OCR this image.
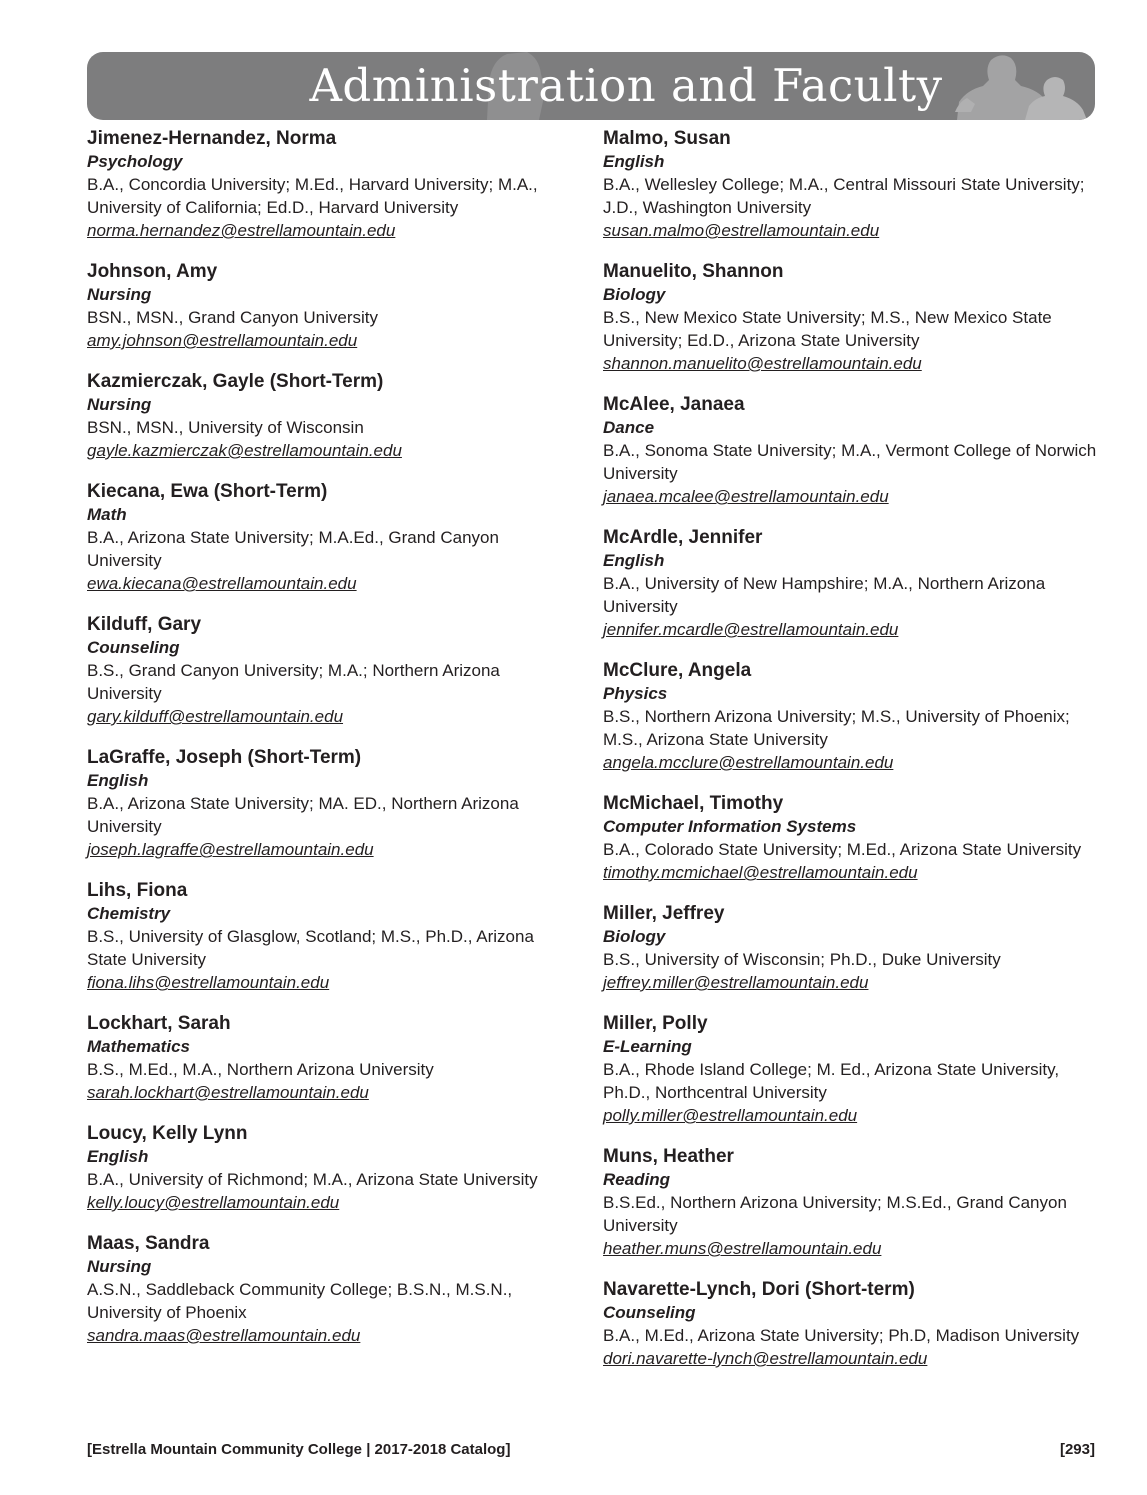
Administration and Faculty
Jimenez-Hernandez, Norma
Psychology
B.A., Concordia University; M.Ed., Harvard University; M.A., University of California; Ed.D., Harvard University
norma.hernandez@estrellamountain.edu
Johnson, Amy
Nursing
BSN., MSN., Grand Canyon University
amy.johnson@estrellamountain.edu
Kazmierczak, Gayle (Short-Term)
Nursing
BSN., MSN., University of Wisconsin
gayle.kazmierczak@estrellamountain.edu
Kiecana, Ewa (Short-Term)
Math
B.A., Arizona State University; M.A.Ed., Grand Canyon University
ewa.kiecana@estrellamountain.edu
Kilduff, Gary
Counseling
B.S., Grand Canyon University; M.A.; Northern Arizona University
gary.kilduff@estrellamountain.edu
LaGraffe, Joseph (Short-Term)
English
B.A., Arizona State University; MA. ED., Northern Arizona University
joseph.lagraffe@estrellamountain.edu
Lihs, Fiona
Chemistry
B.S., University of Glasglow, Scotland; M.S., Ph.D., Arizona State University
fiona.lihs@estrellamountain.edu
Lockhart, Sarah
Mathematics
B.S., M.Ed., M.A., Northern Arizona University
sarah.lockhart@estrellamountain.edu
Loucy, Kelly Lynn
English
B.A., University of Richmond; M.A., Arizona State University
kelly.loucy@estrellamountain.edu
Maas, Sandra
Nursing
A.S.N., Saddleback Community College; B.S.N., M.S.N., University of Phoenix
sandra.maas@estrellamountain.edu
Malmo, Susan
English
B.A., Wellesley College; M.A., Central Missouri State University; J.D., Washington University
susan.malmo@estrellamountain.edu
Manuelito, Shannon
Biology
B.S., New Mexico State University; M.S., New Mexico State University; Ed.D., Arizona State University
shannon.manuelito@estrellamountain.edu
McAlee, Janaea
Dance
B.A., Sonoma State University; M.A., Vermont College of Norwich University
janaea.mcalee@estrellamountain.edu
McArdle, Jennifer
English
B.A., University of New Hampshire; M.A., Northern Arizona University
jennifer.mcardle@estrellamountain.edu
McClure, Angela
Physics
B.S., Northern Arizona University; M.S., University of Phoenix; M.S., Arizona State University
angela.mcclure@estrellamountain.edu
McMichael, Timothy
Computer Information Systems
B.A., Colorado State University; M.Ed., Arizona State University
timothy.mcmichael@estrellamountain.edu
Miller, Jeffrey
Biology
B.S., University of Wisconsin; Ph.D., Duke University
jeffrey.miller@estrellamountain.edu
Miller, Polly
E-Learning
B.A., Rhode Island College; M. Ed., Arizona State University, Ph.D., Northcentral University
polly.miller@estrellamountain.edu
Muns, Heather
Reading
B.S.Ed., Northern Arizona University; M.S.Ed., Grand Canyon University
heather.muns@estrellamountain.edu
Navarette-Lynch, Dori (Short-term)
Counseling
B.A., M.Ed., Arizona State University; Ph.D, Madison University
dori.navarette-lynch@estrellamountain.edu
[Estrella Mountain Community College | 2017-2018 Catalog]	[293]
